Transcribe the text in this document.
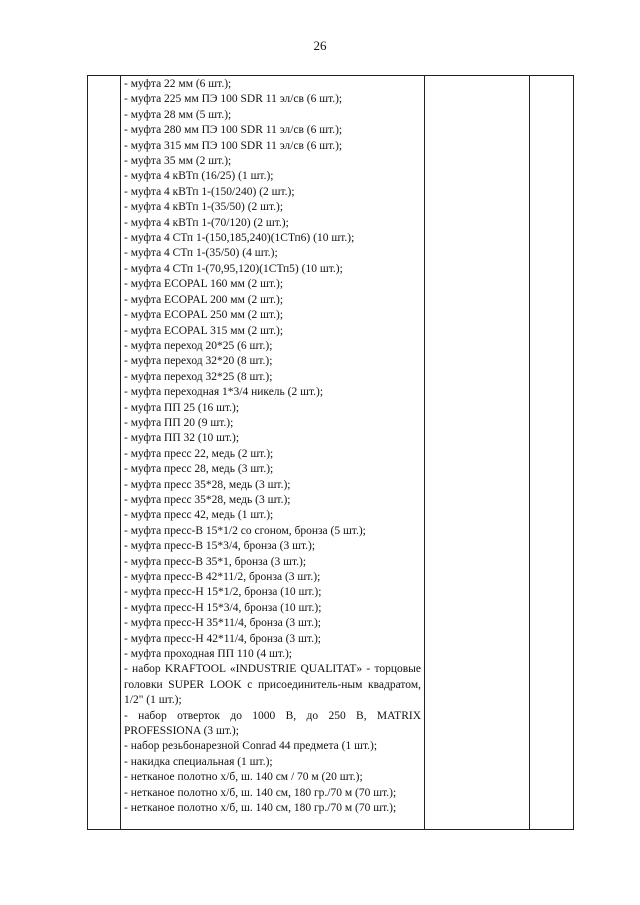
26

- муфта 22 мм (6 шт.);
- муфта 225 мм ПЭ 100 SDR 11 эл/св (6 шт.);
- муфта 28 мм (5 шт.);
- муфта 280 мм ПЭ 100 SDR 11 эл/св (6 шт.);
- муфта 315 мм ПЭ 100 SDR 11 эл/св (6 шт.);
- муфта 35 мм (2 шт.);
- муфта 4 кВТп (16/25) (1 шт.);
- муфта 4 кВТп 1-(150/240) (2 шт.);
- муфта 4 кВТп 1-(35/50) (2 шт.);
- муфта 4 кВТп 1-(70/120) (2 шт.);
- муфта 4 СТп 1-(150,185,240)(1СТп6) (10 шт.);
- муфта 4 СТп 1-(35/50) (4 шт.);
- муфта 4 СТп 1-(70,95,120)(1СТп5) (10 шт.);
- муфта ECOPAL 160 мм (2 шт.);
- муфта ECOPAL 200 мм (2 шт.);
- муфта ECOPAL 250 мм (2 шт.);
- муфта ECOPAL 315 мм (2 шт.);
- муфта переход 20*25 (6 шт.);
- муфта переход 32*20 (8 шт.);
- муфта переход 32*25 (8 шт.);
- муфта переходная 1*3/4 никель (2 шт.);
- муфта ПП 25 (16 шт.);
- муфта ПП 20 (9 шт.);
- муфта ПП 32 (10 шт.);
- муфта пресс 22, медь (2 шт.);
- муфта пресс 28, медь (3 шт.);
- муфта пресс 35*28, медь (3 шт.);
- муфта пресс 35*28, медь (3 шт.);
- муфта пресс 42, медь (1 шт.);
- муфта пресс-В 15*1/2 со сгоном, бронза (5 шт.);
- муфта пресс-В 15*3/4, бронза (3 шт.);
- муфта пресс-В 35*1, бронза (3 шт.);
- муфта пресс-В 42*11/2, бронза (3 шт.);
- муфта пресс-Н 15*1/2, бронза (10 шт.);
- муфта пресс-Н 15*3/4, бронза (10 шт.);
- муфта пресс-Н 35*11/4, бронза (3 шт.);
- муфта пресс-Н 42*11/4, бронза (3 шт.);
- муфта проходная ПП 110 (4 шт.);
- набор KRAFTOOL «INDUSTRIE QUALITAT» - торцовые головки SUPER LOOK с присоединитель-ным квадратом, 1/2" (1 шт.);
- набор отверток до 1000 В, до 250 В, MATRIX PROFESSIONA (3 шт.);
- набор резьбонарезной Conrad 44 предмета (1 шт.);
- накидка специальная (1 шт.);
- нетканое полотно х/б, ш. 140 см / 70 м (20 шт.);
- нетканое полотно х/б, ш. 140 см, 180 гр./70 м (70 шт.);
- нетканое полотно х/б, ш. 140 см, 180 гр./70 м (70 шт.);
